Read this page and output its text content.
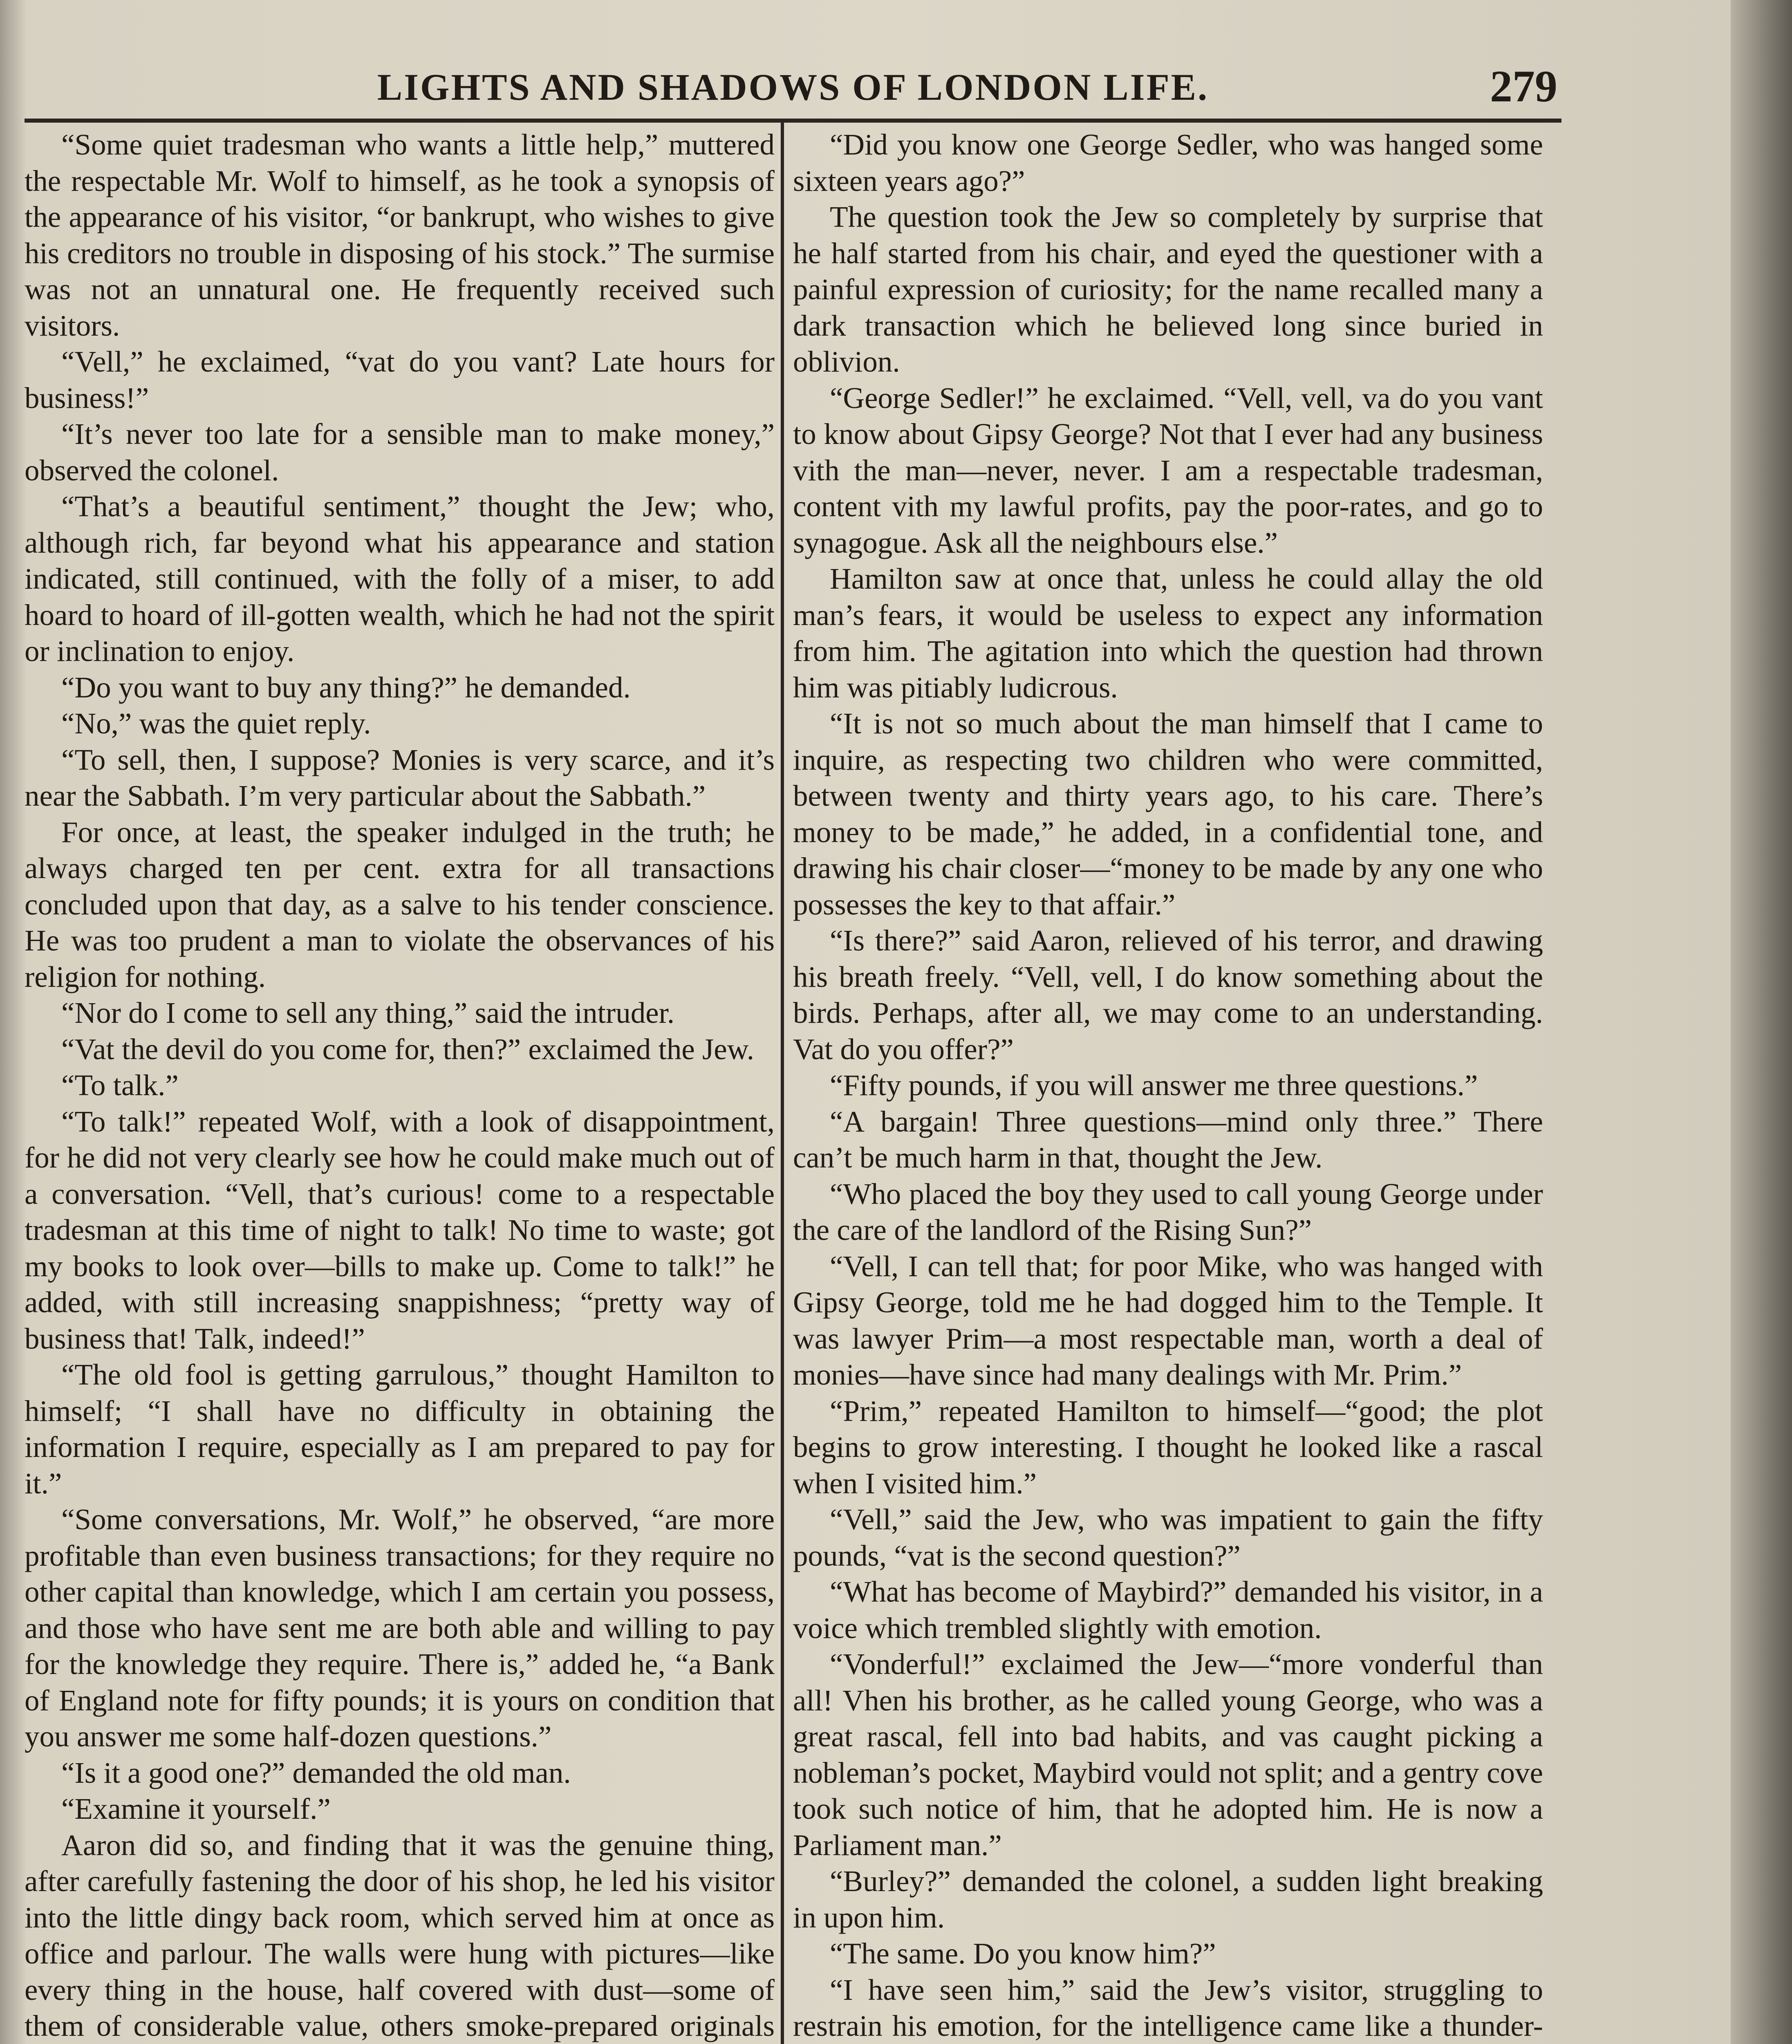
LIGHTS AND SHADOWS OF LONDON LIFE.	279

“Some quiet tradesman who wants a little help,” muttered the respectable Mr. Wolf to himself, as he took a synopsis of the appearance of his visitor, “or bankrupt, who wishes to give his creditors no trouble in disposing of his stock.” The surmise was not an unnatural one. He frequently received such visitors.

“Vell,” he exclaimed, “vat do you vant? Late hours for business!”

“It’s never too late for a sensible man to make money,” observed the colonel.

“That’s a beautiful sentiment,” thought the Jew; who, although rich, far beyond what his appearance and station indicated, still continued, with the folly of a miser, to add hoard to hoard of ill-gotten wealth, which he had not the spirit or inclination to enjoy.

“Do you want to buy any thing?” he demanded.

“No,” was the quiet reply.

“To sell, then, I suppose? Monies is very scarce, and it’s near the Sabbath. I’m very particular about the Sabbath.”

For once, at least, the speaker indulged in the truth; he always charged ten per cent. extra for all transactions concluded upon that day, as a salve to his tender conscience. He was too prudent a man to violate the observances of his religion for nothing.

“Nor do I come to sell any thing,” said the intruder.

“Vat the devil do you come for, then?” exclaimed the Jew.

“To talk.”

“To talk!” repeated Wolf, with a look of disappointment, for he did not very clearly see how he could make much out of a conversation. “Vell, that’s curious! come to a respectable tradesman at this time of night to talk! No time to waste; got my books to look over—bills to make up. Come to talk!” he added, with still increasing snappishness; “pretty way of business that! Talk, indeed!”

“The old fool is getting garrulous,” thought Hamilton to himself; “I shall have no difficulty in obtaining the information I require, especially as I am prepared to pay for it.”

“Some conversations, Mr. Wolf,” he observed, “are more profitable than even business transactions; for they require no other capital than knowledge, which I am certain you possess, and those who have sent me are both able and willing to pay for the knowledge they require. There is,” added he, “a Bank of England note for fifty pounds; it is yours on condition that you answer me some half-dozen questions.”

“Is it a good one?” demanded the old man.

“Examine it yourself.”

Aaron did so, and finding that it was the genuine thing, after carefully fastening the door of his shop, he led his visitor into the little dingy back room, which served him at once as office and parlour. The walls were hung with pictures—like every thing in the house, half covered with dust—some of them of considerable value, others smoke-prepared originals

“Did you know one George Sedler, who was hanged some sixteen years ago?”

The question took the Jew so completely by surprise that he half started from his chair, and eyed the questioner with a painful expression of curiosity; for the name recalled many a dark transaction which he believed long since buried in oblivion.

“George Sedler!” he exclaimed. “Vell, vell, va do you vant to know about Gipsy George? Not that I ever had any business vith the man—never, never. I am a respectable tradesman, content vith my lawful profits, pay the poor-rates, and go to synagogue. Ask all the neighbours else.”

Hamilton saw at once that, unless he could allay the old man’s fears, it would be useless to expect any information from him. The agitation into which the question had thrown him was pitiably ludicrous.

“It is not so much about the man himself that I came to inquire, as respecting two children who were committed, between twenty and thirty years ago, to his care. There’s money to be made,” he added, in a confidential tone, and drawing his chair closer—“money to be made by any one who possesses the key to that affair.”

“Is there?” said Aaron, relieved of his terror, and drawing his breath freely. “Vell, vell, I do know something about the birds. Perhaps, after all, we may come to an understanding. Vat do you offer?”

“Fifty pounds, if you will answer me three questions.”

“A bargain! Three questions—mind only three.” There can’t be much harm in that, thought the Jew.

“Who placed the boy they used to call young George under the care of the landlord of the Rising Sun?”

“Vell, I can tell that; for poor Mike, who was hanged with Gipsy George, told me he had dogged him to the Temple. It was lawyer Prim—a most respectable man, worth a deal of monies—have since had many dealings with Mr. Prim.”

“Prim,” repeated Hamilton to himself—“good; the plot begins to grow interesting. I thought he looked like a rascal when I visited him.”

“Vell,” said the Jew, who was impatient to gain the fifty pounds, “vat is the second question?”

“What has become of Maybird?” demanded his visitor, in a voice which trembled slightly with emotion.

“Vonderful!” exclaimed the Jew—“more vonderful than all! Vhen his brother, as he called young George, who was a great rascal, fell into bad habits, and vas caught picking a nobleman’s pocket, Maybird vould not split; and a gentry cove took such notice of him, that he adopted him. He is now a Parliament man.”

“Burley?” demanded the colonel, a sudden light breaking in upon him.

“The same. Do you know him?”

“I have seen him,” said the Jew’s visitor, struggling to restrain his emotion, for the intelligence came like a thunder-
